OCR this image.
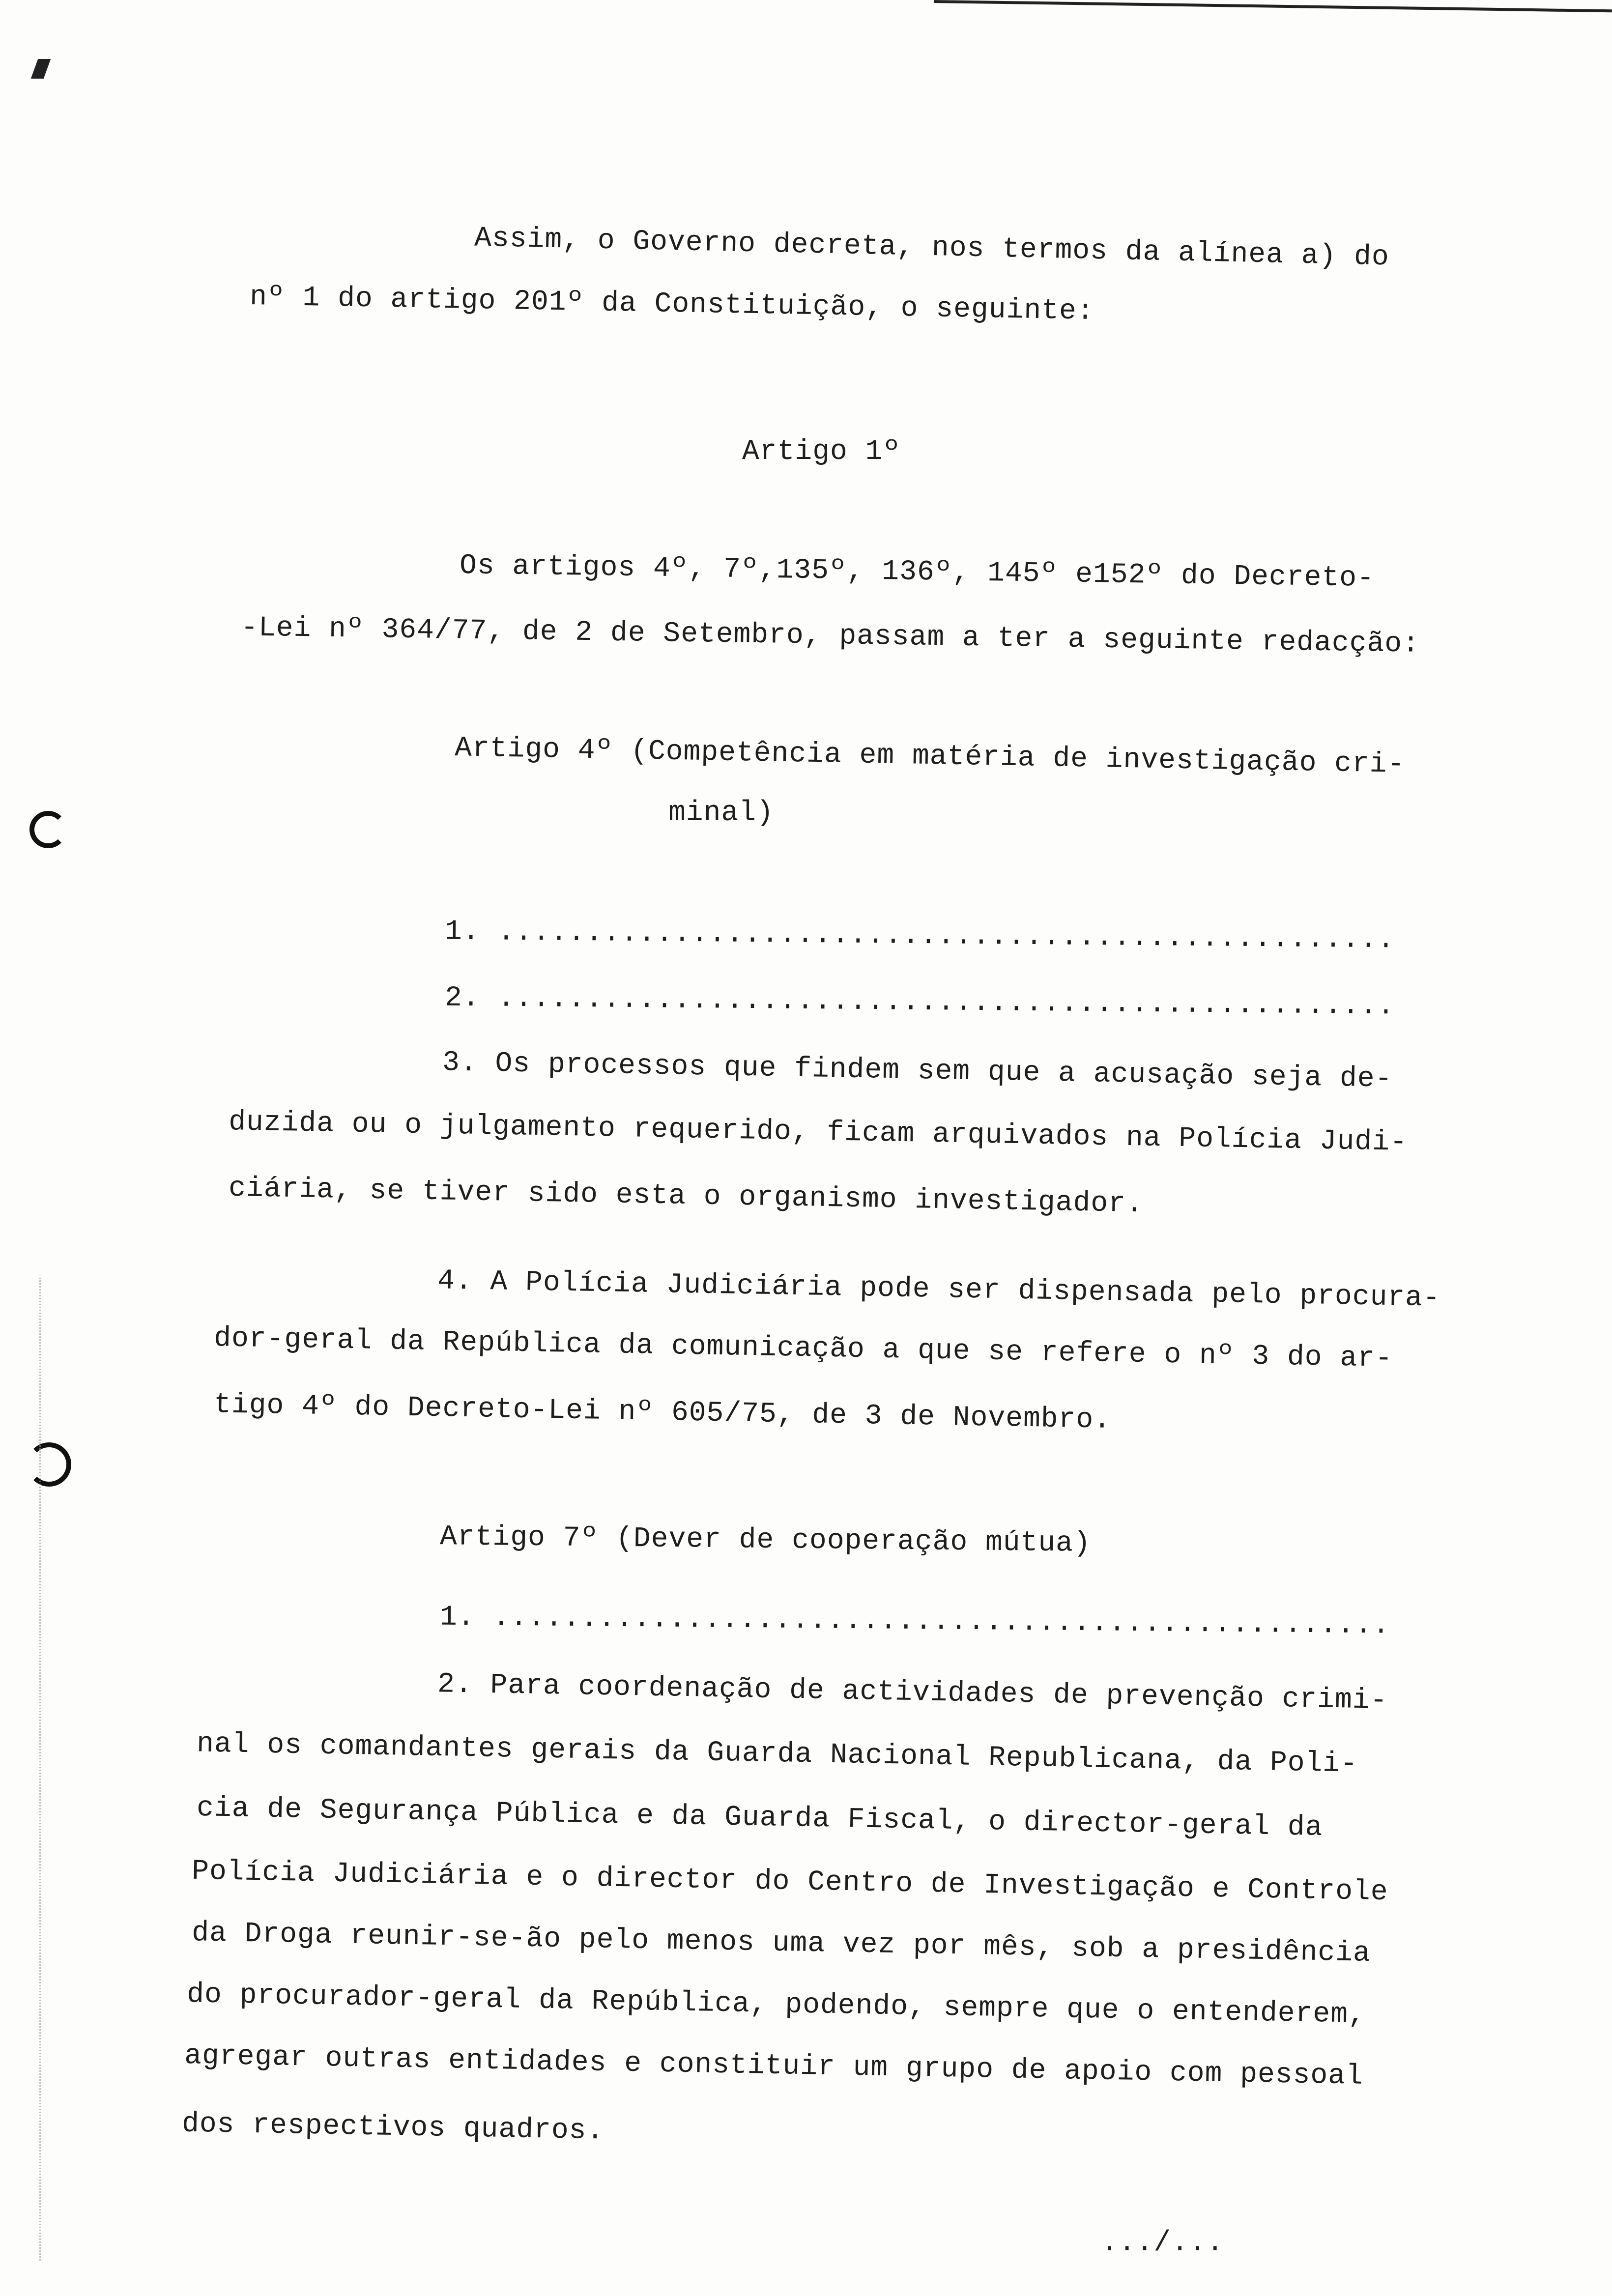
Assim, o Governo decreta, nos termos da alínea a) do
nº 1 do artigo 201º da Constituição, o seguinte:
Artigo 1º
Os artigos 4º, 7º,135º, 136º, 145º e152º do Decreto-
-Lei nº 364/77, de 2 de Setembro, passam a ter a seguinte redacção:
Artigo 4º (Competência em matéria de investigação cri-
minal)
1. ...................................................
2. ...................................................
3. Os processos que findem sem que a acusação seja de-
duzida ou o julgamento requerido, ficam arquivados na Polícia Judi-
ciária, se tiver sido esta o organismo investigador.
4. A Polícia Judiciária pode ser dispensada pelo procura-
dor-geral da República da comunicação a que se refere o nº 3 do ar-
tigo 4º do Decreto-Lei nº 605/75, de 3 de Novembro.
Artigo 7º (Dever de cooperação mútua)
1. ...................................................
2. Para coordenação de actividades de prevenção crimi-
nal os comandantes gerais da Guarda Nacional Republicana, da Poli-
cia de Segurança Pública e da Guarda Fiscal, o director-geral da
Polícia Judiciária e o director do Centro de Investigação e Controle
da Droga reunir-se-ão pelo menos uma vez por mês, sob a presidência
do procurador-geral da República, podendo, sempre que o entenderem,
agregar outras entidades e constituir um grupo de apoio com pessoal
dos respectivos quadros.
.../...
